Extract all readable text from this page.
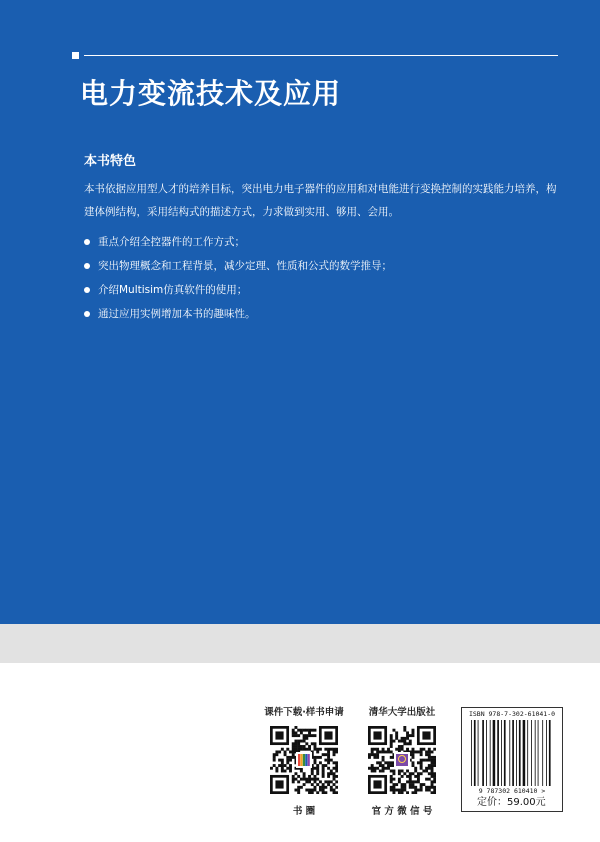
电力变流技术及应用
本书特色

本书依据应用型人才的培养目标，突出电力电子器件的应用和对电能进行变换控制的实践能力培养，构建体例结构，采用结构式的描述方式，力求做到实用、够用、会用。

重点介绍全控器件的工作方式；
突出物理概念和工程背景，减少定理、性质和公式的数学推导；
介绍Multisim仿真软件的使用；
通过应用实例增加本书的趣味性。
课件下载·样书申请
书 圈
清华大学出版社
官 方 微 信 号
ISBN 978-7-302-61041-0
9 787302 610410 >
定价：59.00元
